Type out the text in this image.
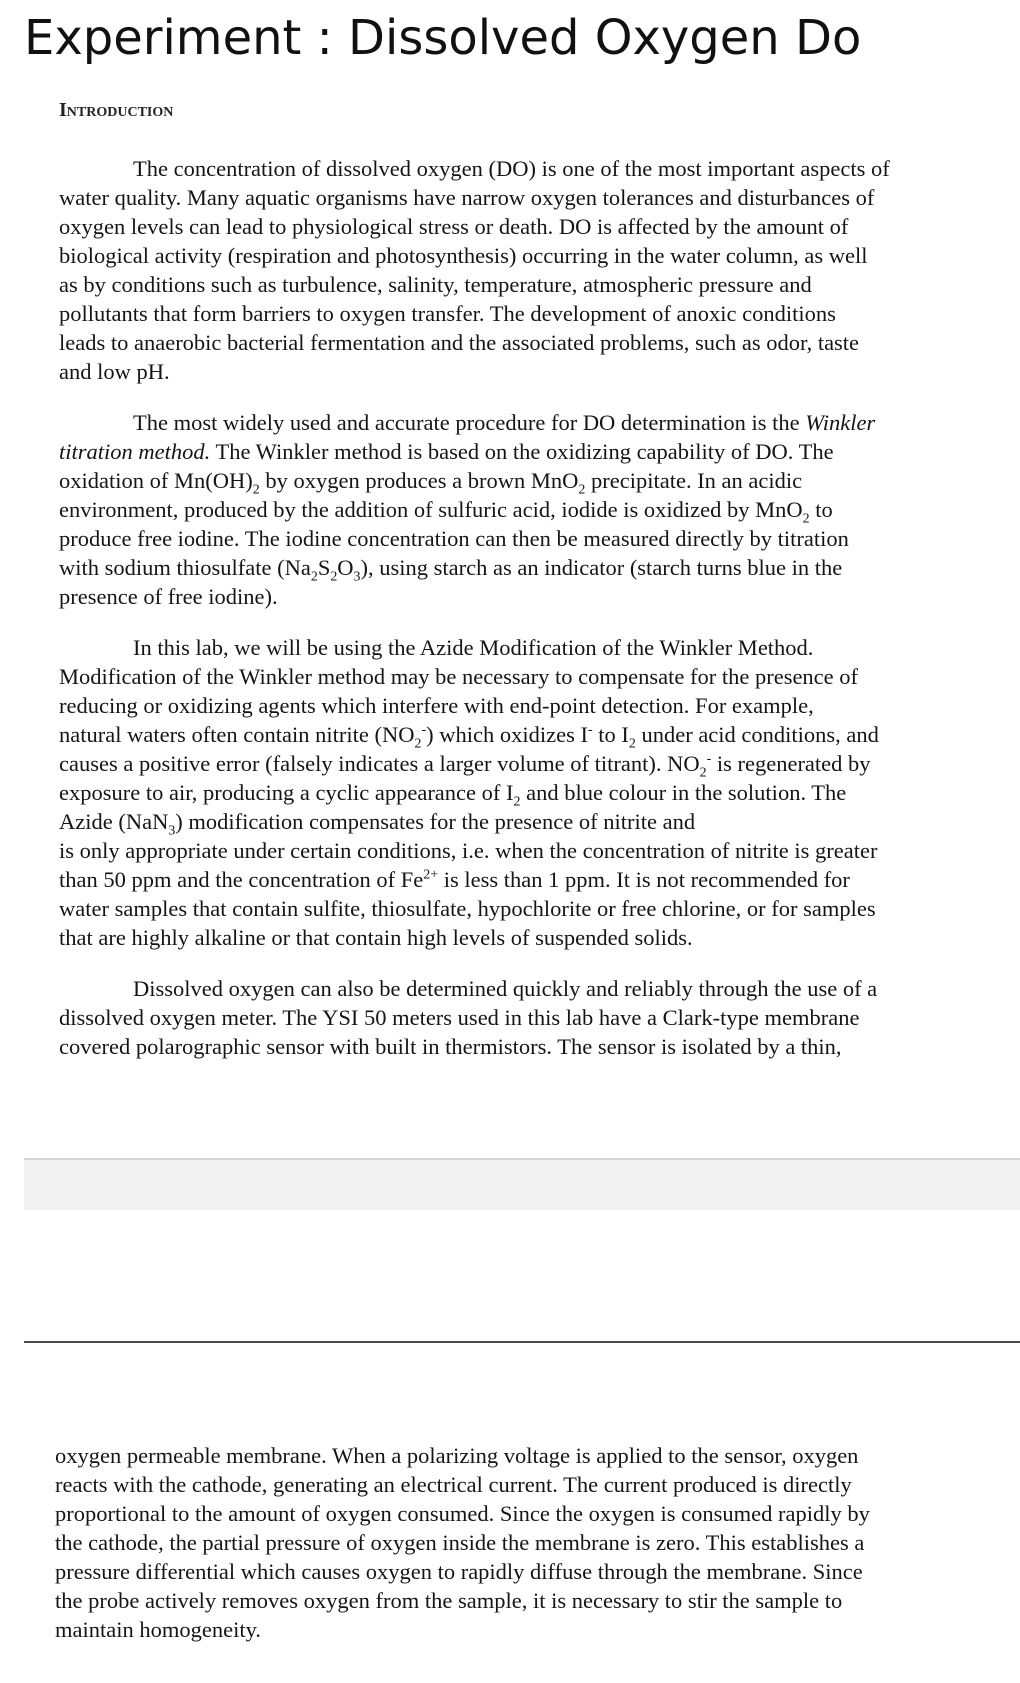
Experiment : Dissolved Oxygen Do
Introduction

The concentration of dissolved oxygen (DO) is one of the most important aspects of
water quality. Many aquatic organisms have narrow oxygen tolerances and disturbances of
oxygen levels can lead to physiological stress or death. DO is affected by the amount of
biological activity (respiration and photosynthesis) occurring in the water column, as well
as by conditions such as turbulence, salinity, temperature, atmospheric pressure and
pollutants that form barriers to oxygen transfer. The development of anoxic conditions
leads to anaerobic bacterial fermentation and the associated problems, such as odor, taste
and low pH.

The most widely used and accurate procedure for DO determination is the Winkler
titration method. The Winkler method is based on the oxidizing capability of DO. The
oxidation of $Mn(OH)_2$ by oxygen produces a brown MnO$_2$ precipitate. In an acidic
environment, produced by the addition of sulfuric acid, iodide is oxidized by MnO$_2$ to
produce free iodine. The iodine concentration can then be measured directly by titration
with sodium thiosulfate $(Na_2S_2O_3)$, using starch as an indicator (starch turns blue in the
presence of free iodine).

In this lab, we will be using the Azide Modification of the Winkler Method.
Modification of the Winkler method may be necessary to compensate for the presence of
reducing or oxidizing agents which interfere with end-point detection. For example,
natural waters often contain nitrite $(NO_2^-)$ which oxidizes I- to $I_2$ under acid conditions, and
causes a positive error (falsely indicates a larger volume of titrant). $NO_2^-$ is regenerated by
exposure to air, producing a cyclic appearance of $I_2$ and blue colour in the solution. The
Azide (NaN$_3$) modification compensates for the presence of nitrite and
is only appropriate under certain conditions, i.e. when the concentration of nitrite is greater
than 50 ppm and the concentration of $Fe^{2+}$ is less than 1 ppm. It is not recommended for
water samples that contain sulfite, thiosulfate, hypochlorite or free chlorine, or for samples
that are highly alkaline or that contain high levels of suspended solids.

Dissolved oxygen can also be determined quickly and reliably through the use of a
dissolved oxygen meter. The YSI 50 meters used in this lab have a Clark-type membrane
covered polarographic sensor with built in thermistors. The sensor is isolated by a thin,

oxygen permeable membrane. When a polarizing voltage is applied to the sensor, oxygen
reacts with the cathode, generating an electrical current. The current produced is directly
proportional to the amount of oxygen consumed. Since the oxygen is consumed rapidly by
the cathode, the partial pressure of oxygen inside the membrane is zero. This establishes a
pressure differential which causes oxygen to rapidly diffuse through the membrane. Since
the probe actively removes oxygen from the sample, it is necessary to stir the sample to
maintain homogeneity.
